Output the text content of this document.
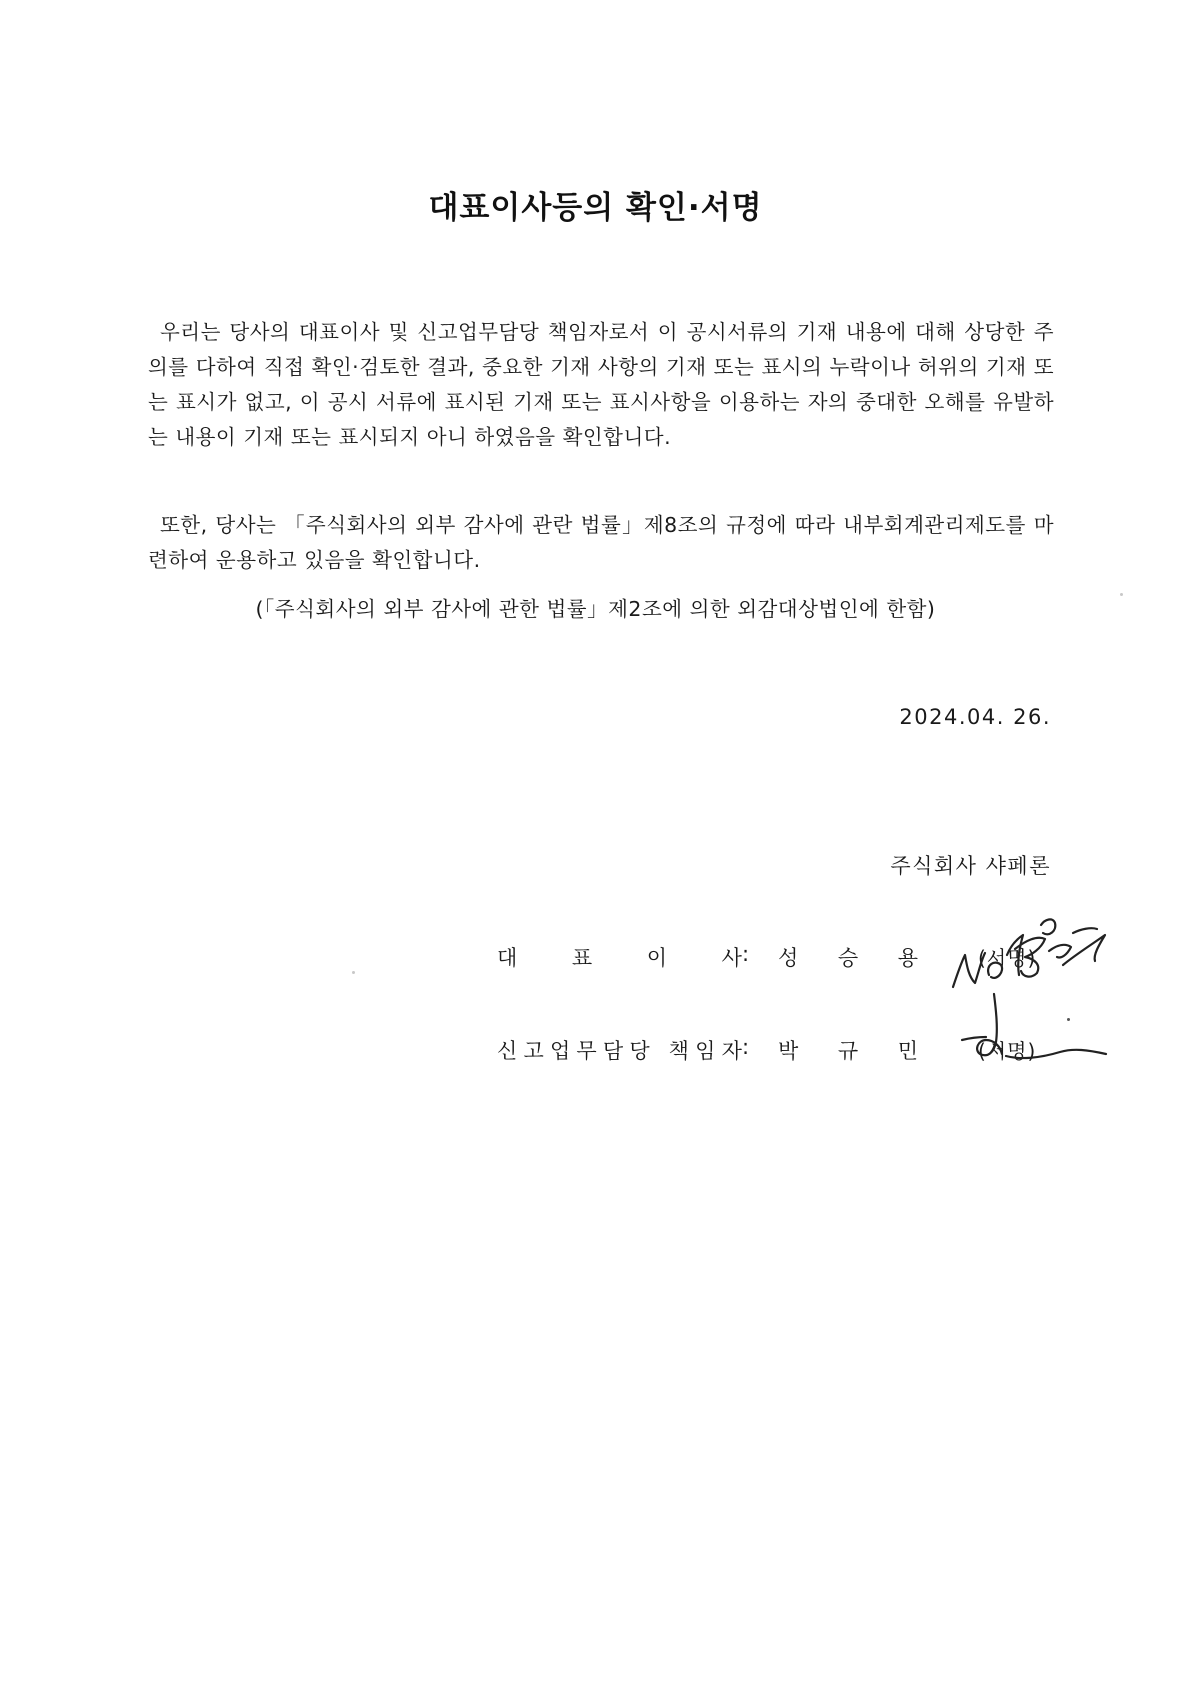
대표이사등의 확인·서명

우리는 당사의 대표이사 및 신고업무담당 책임자로서 이 공시서류의 기재 내용에 대해 상당한 주의를 다하여 직접 확인·검토한 결과, 중요한 기재 사항의 기재 또는 표시의 누락이나 허위의 기재 또는 표시가 없고, 이 공시 서류에 표시된 기재 또는 표시사항을 이용하는 자의 중대한 오해를 유발하는 내용이 기재 또는 표시되지 아니 하였음을 확인합니다.

또한, 당사는 「주식회사의 외부 감사에 관란 법률」제8조의 규정에 따라 내부회계관리제도를 마련하여 운용하고 있음을 확인합니다.

(「주식회사의 외부 감사에 관한 법률」제2조에 의한 외감대상법인에 한함)
2024.04. 26.
주식회사 샤페론
대	표	이	사 : 성 승 용	(서명)
신 고 업 무 담 당
책 임 자 : 박 규 민	(서명)
